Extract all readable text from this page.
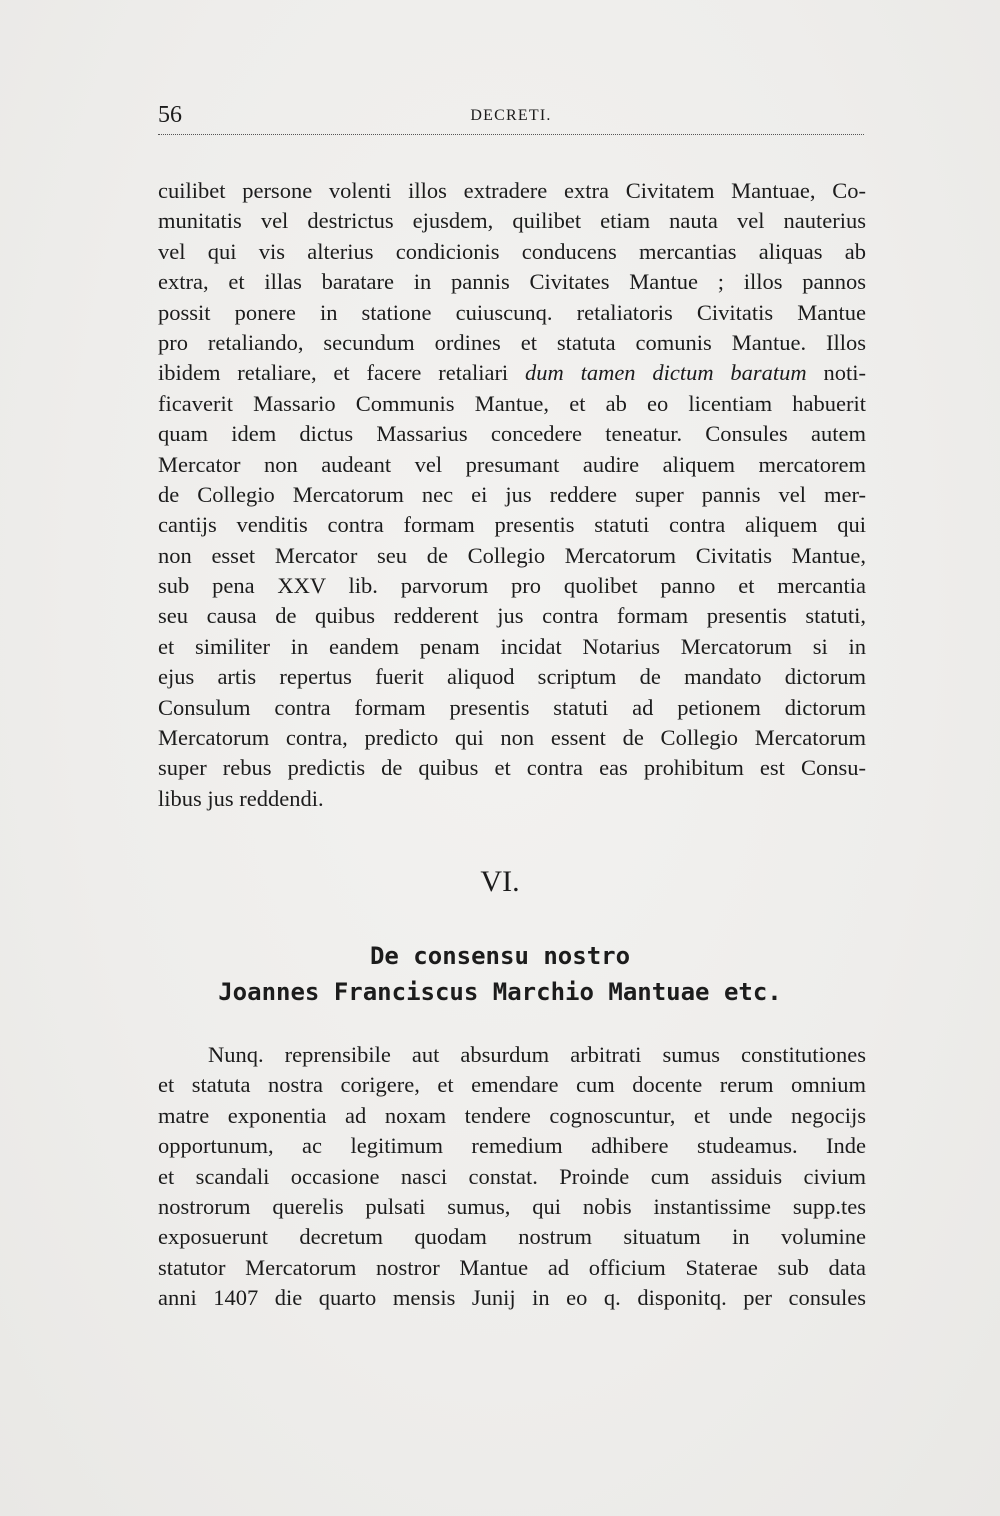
56	DECRETI.
cuilibet persone volenti illos extradere extra Civitatem Mantuae, Co-
munitatis vel destrictus ejusdem, quilibet etiam nauta vel nauterius
vel qui vis alterius condicionis conducens mercantias aliquas ab
extra, et illas baratare in pannis Civitates Mantue ; illos pannos
possit ponere in statione cuiuscunq. retaliatoris Civitatis Mantue
pro retaliando, secundum ordines et statuta comunis Mantue. Illos
ibidem retaliare, et facere retaliari dum tamen dictum baratum noti-
ficaverit Massario Communis Mantue, et ab eo licentiam habuerit
quam idem dictus Massarius concedere teneatur. Consules autem
Mercator non audeant vel presumant audire aliquem mercatorem
de Collegio Mercatorum nec ei jus reddere super pannis vel mer-
cantijs venditis contra formam presentis statuti contra aliquem qui
non esset Mercator seu de Collegio Mercatorum Civitatis Mantue,
sub pena XXV lib. parvorum pro quolibet panno et mercantia
seu causa de quibus redderent jus contra formam presentis statuti,
et similiter in eandem penam incidat Notarius Mercatorum si in
ejus artis repertus fuerit aliquod scriptum de mandato dictorum
Consulum contra formam presentis statuti ad petionem dictorum
Mercatorum contra, predicto qui non essent de Collegio Mercatorum
super rebus predictis de quibus et contra eas prohibitum est Consu-
libus jus reddendi.
VI.
De consensu nostro
Joannes Franciscus Marchio Mantuae etc.
Nunq. reprensibile aut absurdum arbitrati sumus constitutiones
et statuta nostra corigere, et emendare cum docente rerum omnium
matre exponentia ad noxam tendere cognoscuntur, et unde negocijs
opportunum, ac legitimum remedium adhibere studeamus. Inde
et scandali occasione nasci constat. Proinde cum assiduis civium
nostrorum querelis pulsati sumus, qui nobis instantissime supp.tes
exposuerunt decretum quodam nostrum situatum in volumine
statutor Mercatorum nostror Mantue ad officium Staterae sub data
anni 1407 die quarto mensis Junij in eo q. disponitq. per consules
